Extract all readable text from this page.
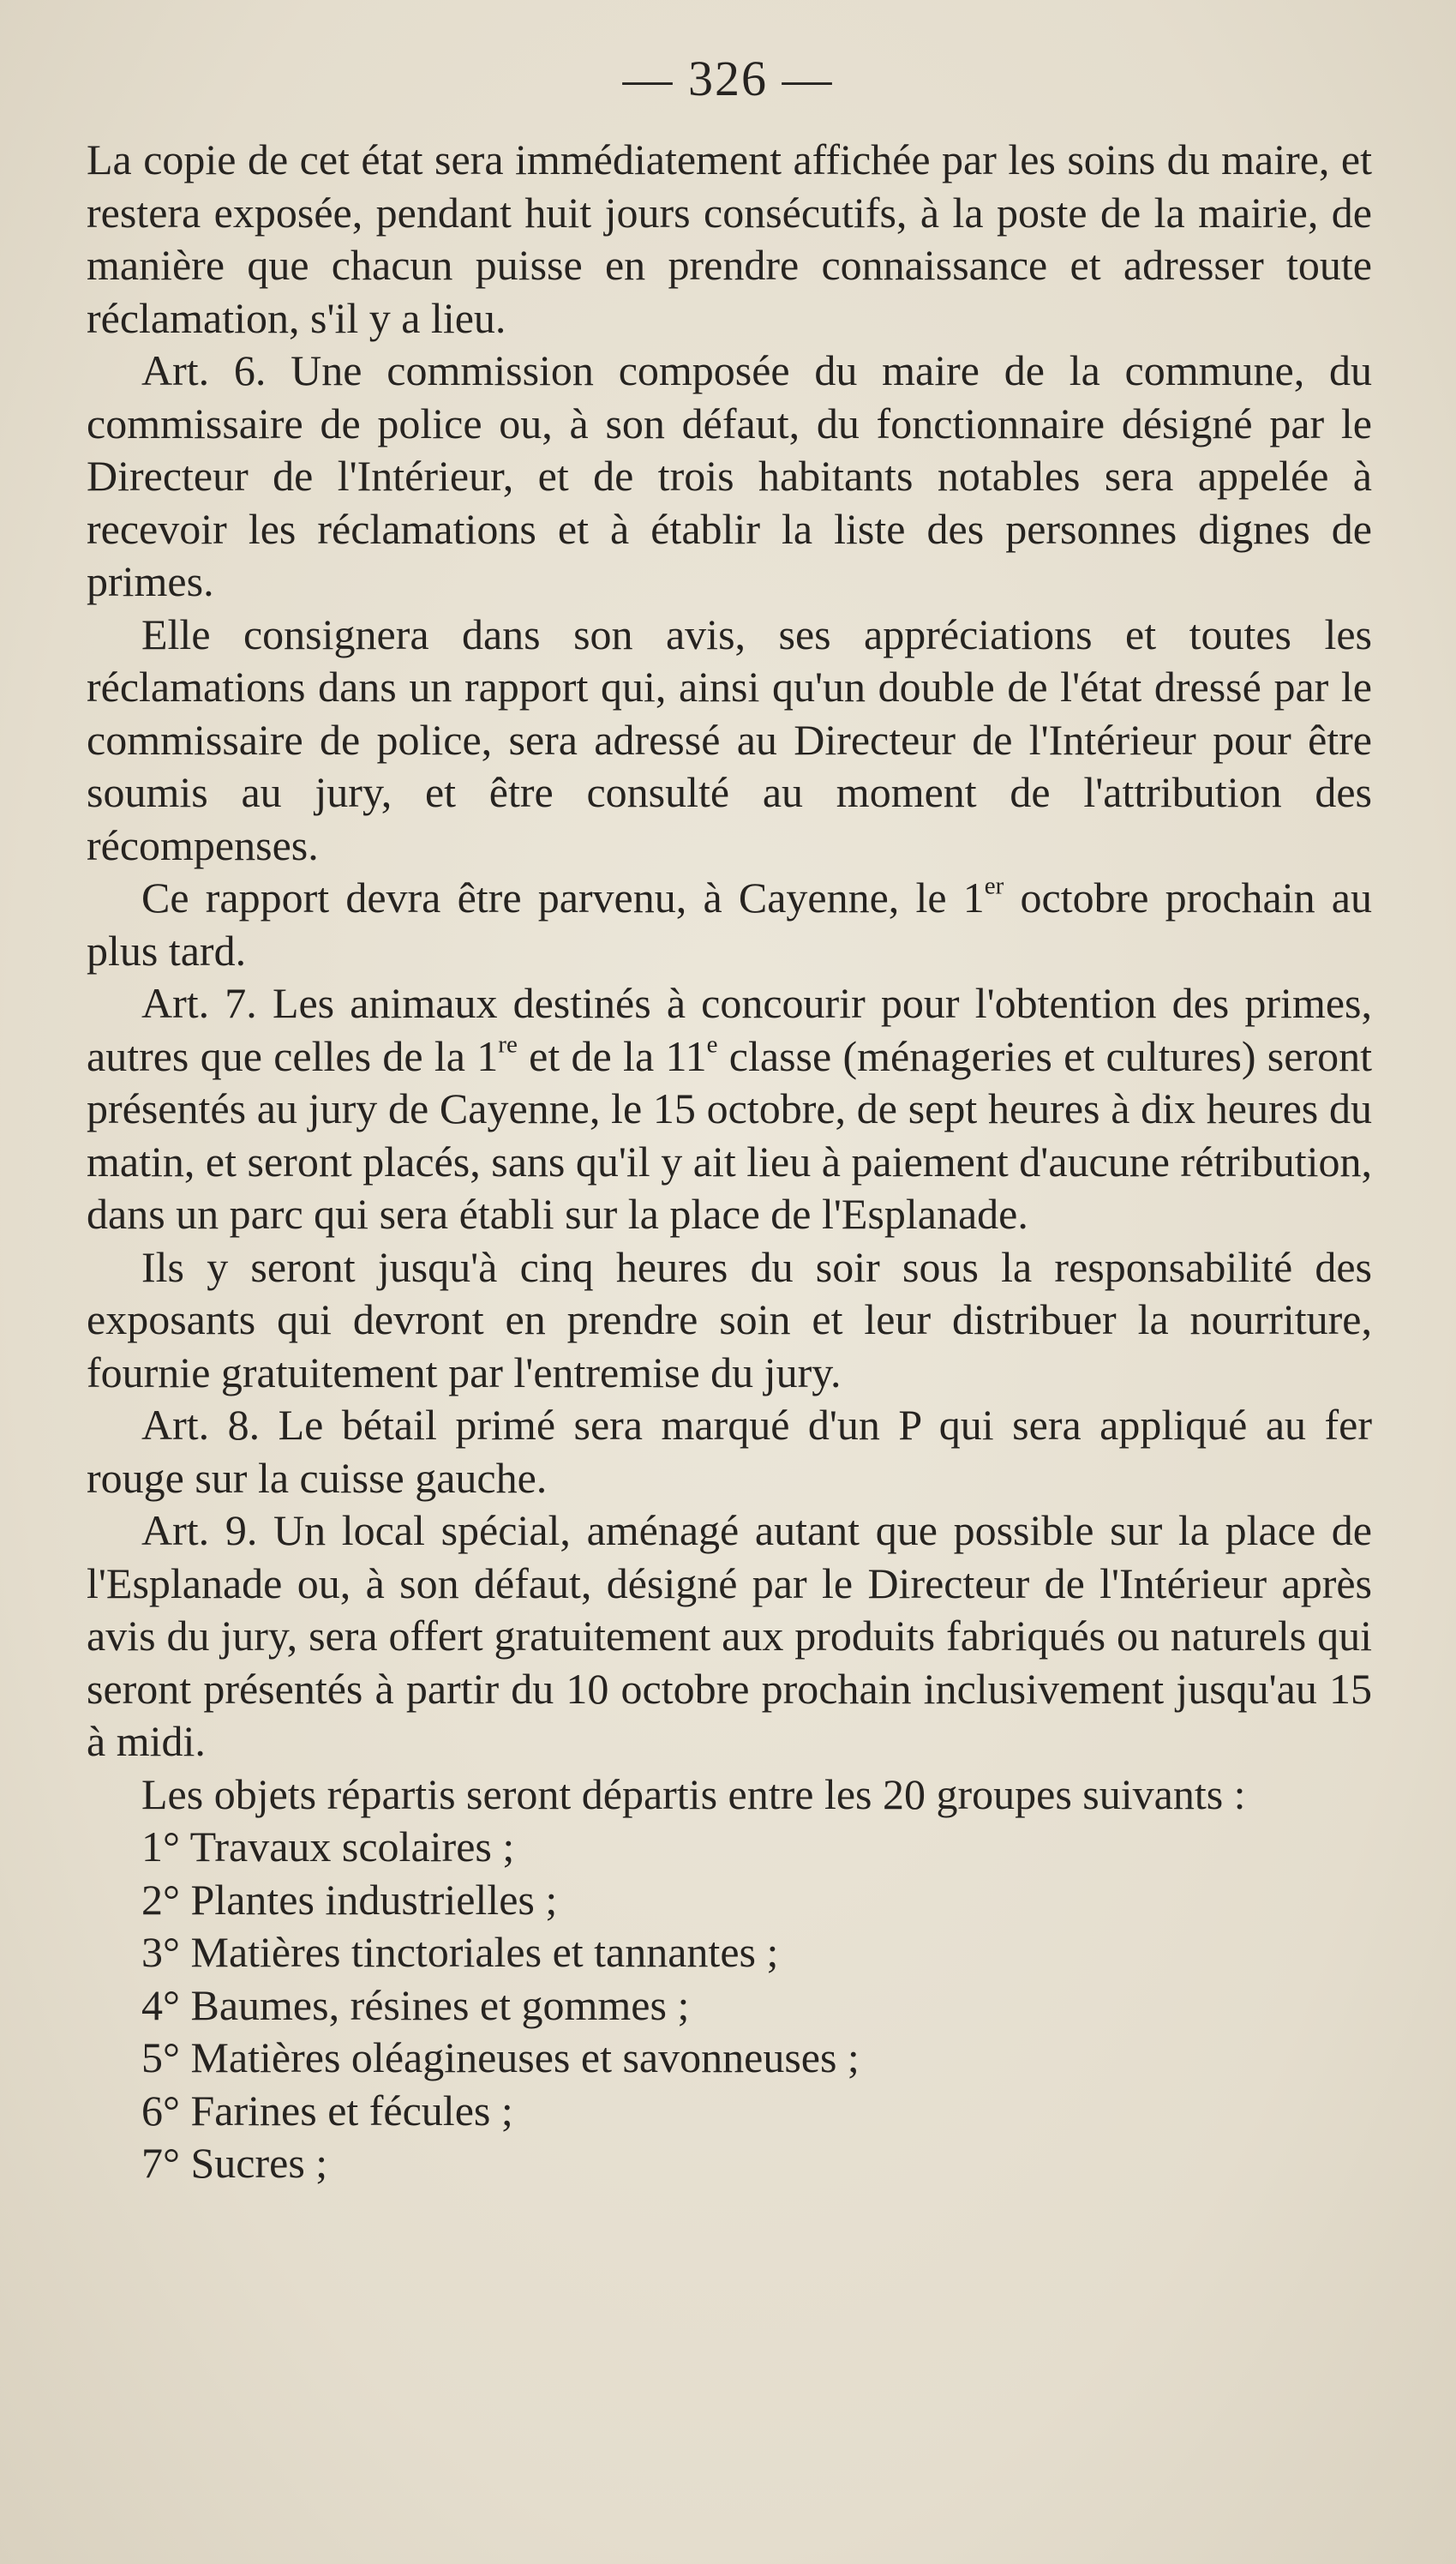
— 326 —

La copie de cet état sera immédiatement affichée par les soins du maire, et restera exposée, pendant huit jours consécutifs, à la poste de la mairie, de manière que chacun puisse en prendre connaissance et adresser toute réclamation, s'il y a lieu.

Art. 6. Une commission composée du maire de la commune, du commissaire de police ou, à son défaut, du fonctionnaire désigné par le Directeur de l'Intérieur, et de trois habitants notables sera appelée à recevoir les réclamations et à établir la liste des personnes dignes de primes.

Elle consignera dans son avis, ses appréciations et toutes les réclamations dans un rapport qui, ainsi qu'un double de l'état dressé par le commissaire de police, sera adressé au Directeur de l'Intérieur pour être soumis au jury, et être consulté au moment de l'attribution des récompenses.

Ce rapport devra être parvenu, à Cayenne, le 1er octobre prochain au plus tard.

Art. 7. Les animaux destinés à concourir pour l'obtention des primes, autres que celles de la 1re et de la 11e classe (ménageries et cultures) seront présentés au jury de Cayenne, le 15 octobre, de sept heures à dix heures du matin, et seront placés, sans qu'il y ait lieu à paiement d'aucune rétribution, dans un parc qui sera établi sur la place de l'Esplanade.

Ils y seront jusqu'à cinq heures du soir sous la responsabilité des exposants qui devront en prendre soin et leur distribuer la nourriture, fournie gratuitement par l'entremise du jury.

Art. 8. Le bétail primé sera marqué d'un P qui sera appliqué au fer rouge sur la cuisse gauche.

Art. 9. Un local spécial, aménagé autant que possible sur la place de l'Esplanade ou, à son défaut, désigné par le Directeur de l'Intérieur après avis du jury, sera offert gratuitement aux produits fabriqués ou naturels qui seront présentés à partir du 10 octobre prochain inclusivement jusqu'au 15 à midi.

Les objets répartis seront départis entre les 20 groupes suivants :

1° Travaux scolaires ;
2° Plantes industrielles ;
3° Matières tinctoriales et tannantes ;
4° Baumes, résines et gommes ;
5° Matières oléagineuses et savonneuses ;
6° Farines et fécules ;
7° Sucres ;
